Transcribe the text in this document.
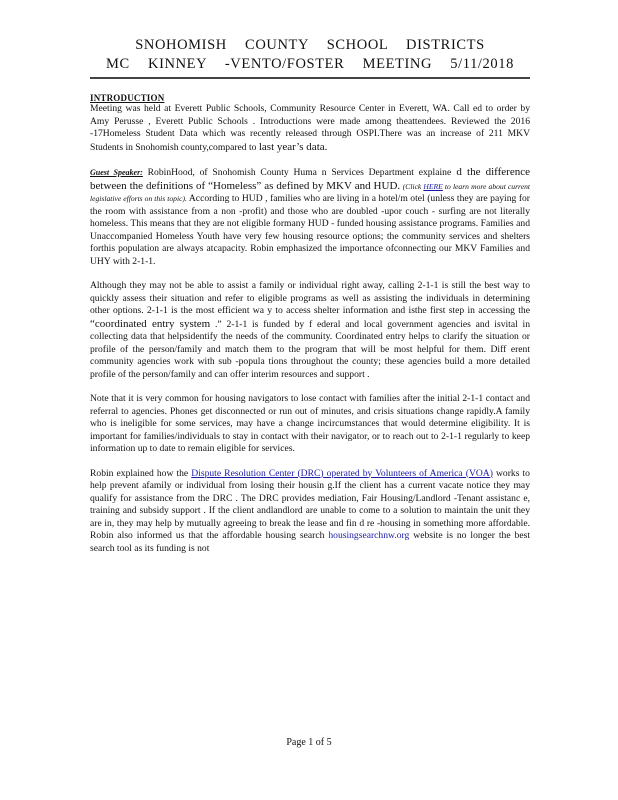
SNOHOMISH COUNTY SCHOOL DISTRICTS
MC KINNEY -VENTO/FOSTER MEETING 5/11/2018
INTRODUCTION

Meeting was held at Everett Public Schools, Community Resource Center in Everett, WA. Call ed to order by Amy Perusse , Everett Public Schools . Introductions were made among theattendees. Reviewed the 2016 -17Homeless Student Data which was recently released through OSPI.There was an increase of 211 MKV Students in Snohomish county,compared to last year’s data.

Guest Speaker: RobinHood, of Snohomish County Huma n Services Department explaine d the difference between the definitions of “Homeless” as defined by MKV and HUD. (Click HERE to learn more about current legislative efforts on this topic). According to HUD , families who are living in a hotel/m otel (unless they are paying for the room with assistance from a non -profit) and those who are doubled -upor couch - surfing are not literally homeless. This means that they are not eligible formany HUD - funded housing assistance programs. Families and Unaccompanied Homeless Youth have very few housing resource options; the community services and shelters forthis population are always atcapacity. Robin emphasized the importance ofconnecting our MKV Families and UHY with 2-1-1.

Although they may not be able to assist a family or individual right away, calling 2-1-1 is still the best way to quickly assess their situation and refer to eligible programs as well as assisting the individuals in determining other options. 2-1-1 is the most efficient wa y to access shelter information and isthe first step in accessing the “coordinated entry system .” 2-1-1 is funded by f ederal and local government agencies and isvital in collecting data that helpsidentify the needs of the community. Coordinated entry helps to clarify the situation or profile of the person/family and match them to the program that will be most helpful for them. Diff erent community agencies work with sub -popula tions throughout the county; these agencies build a more detailed profile of the person/family and can offer interim resources and support .

Note that it is very common for housing navigators to lose contact with families after the initial 2-1-1 contact and referral to agencies. Phones get disconnected or run out of minutes, and crisis situations change rapidly.A family who is ineligible for some services, may have a change incircumstances that would determine eligibility. It is important for families/individuals to stay in contact with their navigator, or to reach out to 2-1-1 regularly to keep information up to date to remain eligible for services.

Robin explained how the Dispute Resolution Center (DRC) operated by Volunteers of America (VOA) works to help prevent afamily or individual from losing their housin g.If the client has a current vacate notice they may qualify for assistance from the DRC . The DRC provides mediation, Fair Housing/Landlord -Tenant assistanc e, training and subsidy support . If the client andlandlord are unable to come to a solution to maintain the unit they are in, they may help by mutually agreeing to break the lease and fin d re -housing in something more affordable. Robin also informed us that the affordable housing search housingsearchnw.org website is no longer the best search tool as its funding is not

Page 1 of 5
